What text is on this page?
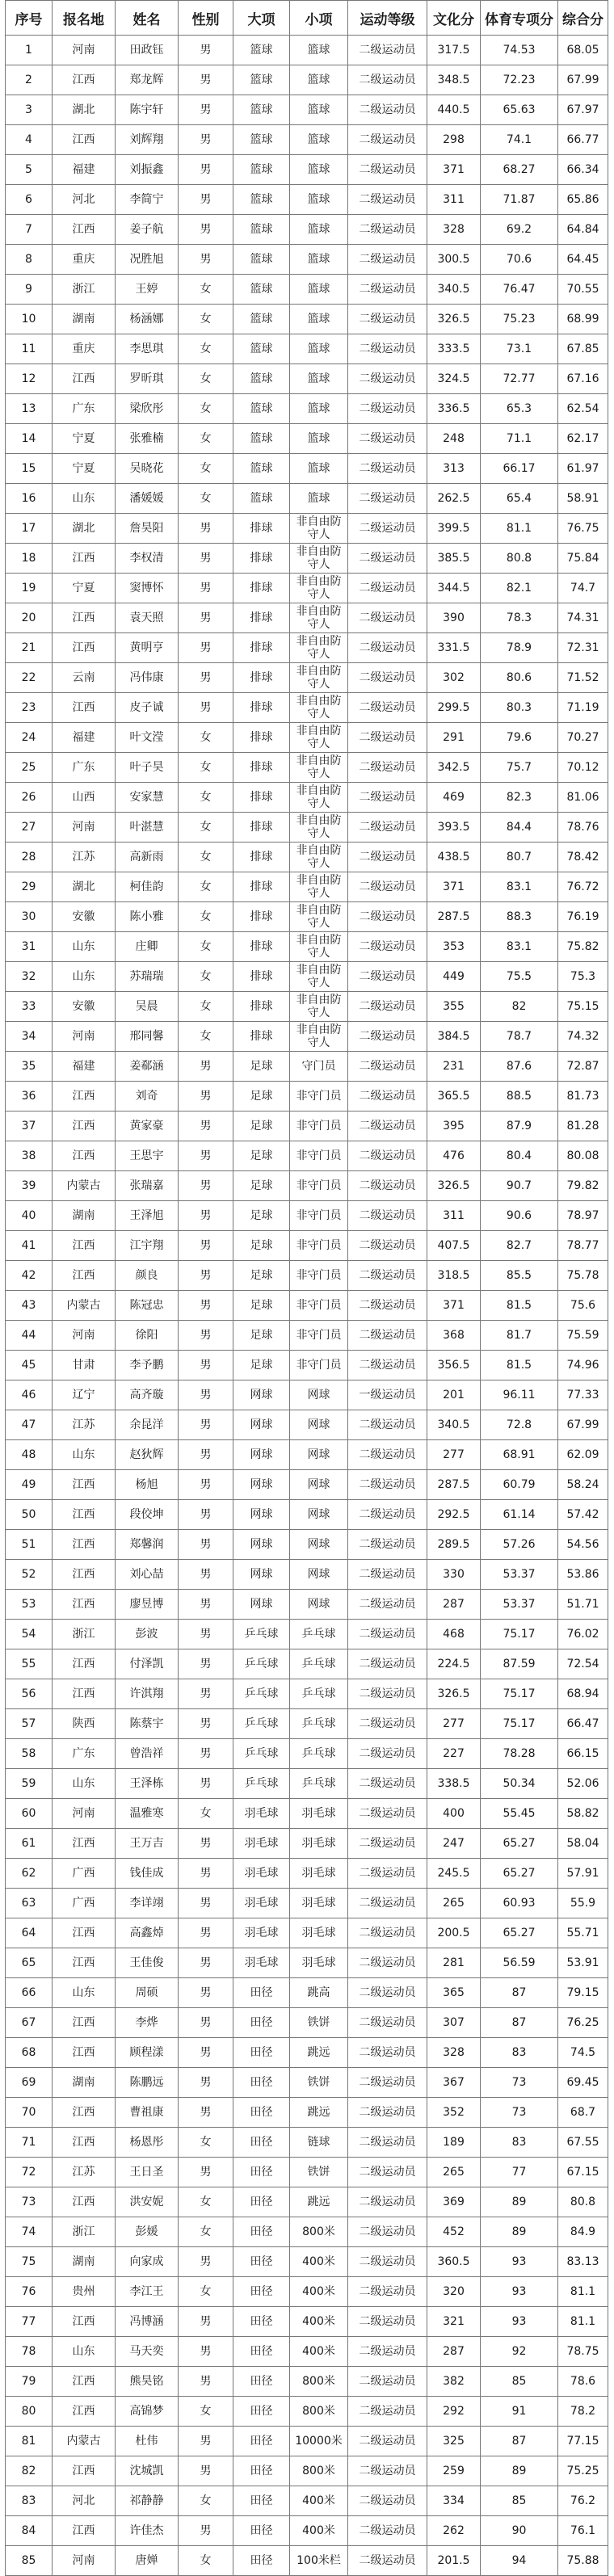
序号	报名地	姓名	性别	大项	小项	运动等级	文化分	体育专项分	综合分
1	河南	田政钰	男	篮球	篮球	二级运动员	317.5	74.53	68.05
2	江西	郑龙辉	男	篮球	篮球	二级运动员	348.5	72.23	67.99
3	湖北	陈宇轩	男	篮球	篮球	二级运动员	440.5	65.63	67.97
4	江西	刘辉翔	男	篮球	篮球	二级运动员	298	74.1	66.77
5	福建	刘振鑫	男	篮球	篮球	二级运动员	371	68.27	66.34
6	河北	李简宁	男	篮球	篮球	二级运动员	311	71.87	65.86
7	江西	姜子航	男	篮球	篮球	二级运动员	328	69.2	64.84
8	重庆	况胜旭	男	篮球	篮球	二级运动员	300.5	70.6	64.45
9	浙江	王婷	女	篮球	篮球	二级运动员	340.5	76.47	70.55
10	湖南	杨涵娜	女	篮球	篮球	二级运动员	326.5	75.23	68.99
11	重庆	李思琪	女	篮球	篮球	二级运动员	333.5	73.1	67.85
12	江西	罗昕琪	女	篮球	篮球	二级运动员	324.5	72.77	67.16
13	广东	梁欣彤	女	篮球	篮球	二级运动员	336.5	65.3	62.54
14	宁夏	张雅楠	女	篮球	篮球	二级运动员	248	71.1	62.17
15	宁夏	吴晓花	女	篮球	篮球	二级运动员	313	66.17	61.97
16	山东	潘媛媛	女	篮球	篮球	二级运动员	262.5	65.4	58.91
17	湖北	詹昊阳	男	排球	非自由防守人	二级运动员	399.5	81.1	76.75
18	江西	李权清	男	排球	非自由防守人	二级运动员	385.5	80.8	75.84
19	宁夏	窦博怀	男	排球	非自由防守人	二级运动员	344.5	82.1	74.7
20	江西	袁天照	男	排球	非自由防守人	二级运动员	390	78.3	74.31
21	江西	黄明亨	男	排球	非自由防守人	二级运动员	331.5	78.9	72.31
22	云南	冯伟康	男	排球	非自由防守人	二级运动员	302	80.6	71.52
23	江西	皮子诚	男	排球	非自由防守人	二级运动员	299.5	80.3	71.19
24	福建	叶文滢	女	排球	非自由防守人	二级运动员	291	79.6	70.27
25	广东	叶子昊	女	排球	非自由防守人	二级运动员	342.5	75.7	70.12
26	山西	安家慧	女	排球	非自由防守人	二级运动员	469	82.3	81.06
27	河南	叶湛慧	女	排球	非自由防守人	二级运动员	393.5	84.4	78.76
28	江苏	高新雨	女	排球	非自由防守人	二级运动员	438.5	80.7	78.42
29	湖北	柯佳韵	女	排球	非自由防守人	二级运动员	371	83.1	76.72
30	安徽	陈小雅	女	排球	非自由防守人	二级运动员	287.5	88.3	76.19
31	山东	庄卿	女	排球	非自由防守人	二级运动员	353	83.1	75.82
32	山东	苏瑞瑞	女	排球	非自由防守人	二级运动员	449	75.5	75.3
33	安徽	吴晨	女	排球	非自由防守人	二级运动员	355	82	75.15
34	河南	邢同馨	女	排球	非自由防守人	二级运动员	384.5	78.7	74.32
35	福建	姜郗涵	男	足球	守门员	二级运动员	231	87.6	72.87
36	江西	刘奇	男	足球	非守门员	二级运动员	365.5	88.5	81.73
37	江西	黄家豪	男	足球	非守门员	二级运动员	395	87.9	81.28
38	江西	王思宇	男	足球	非守门员	二级运动员	476	80.4	80.08
39	内蒙古	张瑞嘉	男	足球	非守门员	二级运动员	326.5	90.7	79.82
40	湖南	王泽旭	男	足球	非守门员	二级运动员	311	90.6	78.97
41	江西	江宇翔	男	足球	非守门员	二级运动员	407.5	82.7	78.77
42	江西	颜良	男	足球	非守门员	二级运动员	318.5	85.5	75.78
43	内蒙古	陈冠忠	男	足球	非守门员	二级运动员	371	81.5	75.6
44	河南	徐阳	男	足球	非守门员	二级运动员	368	81.7	75.59
45	甘肃	李予鹏	男	足球	非守门员	二级运动员	356.5	81.5	74.96
46	辽宁	高齐璇	男	网球	网球	一级运动员	201	96.11	77.33
47	江苏	余昆洋	男	网球	网球	二级运动员	340.5	72.8	67.99
48	山东	赵狄辉	男	网球	网球	二级运动员	277	68.91	62.09
49	江西	杨旭	男	网球	网球	二级运动员	287.5	60.79	58.24
50	江西	段佼坤	男	网球	网球	二级运动员	292.5	61.14	57.42
51	江西	郑馨润	男	网球	网球	二级运动员	289.5	57.26	54.56
52	江西	刘心喆	男	网球	网球	二级运动员	330	53.37	53.86
53	江西	廖昱博	男	网球	网球	二级运动员	287	53.37	51.71
54	浙江	彭波	男	乒乓球	乒乓球	二级运动员	468	75.17	76.02
55	江西	付泽凯	男	乒乓球	乒乓球	二级运动员	224.5	87.59	72.54
56	江西	许淇翔	男	乒乓球	乒乓球	二级运动员	326.5	75.17	68.94
57	陕西	陈蔡宇	男	乒乓球	乒乓球	二级运动员	277	75.17	66.47
58	广东	曾浩祥	男	乒乓球	乒乓球	二级运动员	227	78.28	66.15
59	山东	王泽栋	男	乒乓球	乒乓球	二级运动员	338.5	50.34	52.06
60	河南	温雅寒	女	羽毛球	羽毛球	二级运动员	400	55.45	58.82
61	江西	王万吉	男	羽毛球	羽毛球	二级运动员	247	65.27	58.04
62	广西	钱佳成	男	羽毛球	羽毛球	二级运动员	245.5	65.27	57.91
63	广西	李详翊	男	羽毛球	羽毛球	二级运动员	265	60.93	55.9
64	江西	高鑫焯	男	羽毛球	羽毛球	二级运动员	200.5	65.27	55.71
65	江西	王佳俊	男	羽毛球	羽毛球	二级运动员	281	56.59	53.91
66	山东	周硕	男	田径	跳高	二级运动员	365	87	79.15
67	江西	李烨	男	田径	铁饼	二级运动员	307	87	76.25
68	江西	顾程漾	男	田径	跳远	二级运动员	328	83	74.5
69	湖南	陈鹏远	男	田径	铁饼	二级运动员	367	73	69.45
70	江西	曹祖康	男	田径	跳远	二级运动员	352	73	68.7
71	江西	杨恩彤	女	田径	链球	二级运动员	189	83	67.55
72	江苏	王日圣	男	田径	铁饼	二级运动员	265	77	67.15
73	江西	洪安妮	女	田径	跳远	二级运动员	369	89	80.8
74	浙江	彭媛	女	田径	800米	二级运动员	452	89	84.9
75	湖南	向家成	男	田径	400米	二级运动员	360.5	93	83.13
76	贵州	李江王	女	田径	400米	二级运动员	320	93	81.1
77	江西	冯博涵	男	田径	400米	二级运动员	321	93	81.1
78	山东	马天奕	男	田径	400米	二级运动员	287	92	78.75
79	江西	熊昊铭	男	田径	800米	二级运动员	382	85	78.6
80	江西	高锦梦	女	田径	800米	二级运动员	292	91	78.2
81	内蒙古	杜伟	男	田径	10000米	二级运动员	325	87	77.15
82	江西	沈城凯	男	田径	800米	二级运动员	259	89	75.25
83	河北	祁静静	女	田径	400米	二级运动员	334	85	76.2
84	江西	许佳杰	男	田径	400米	二级运动员	262	90	76.1
85	河南	唐婵	女	田径	100米栏	二级运动员	201.5	94	75.88
